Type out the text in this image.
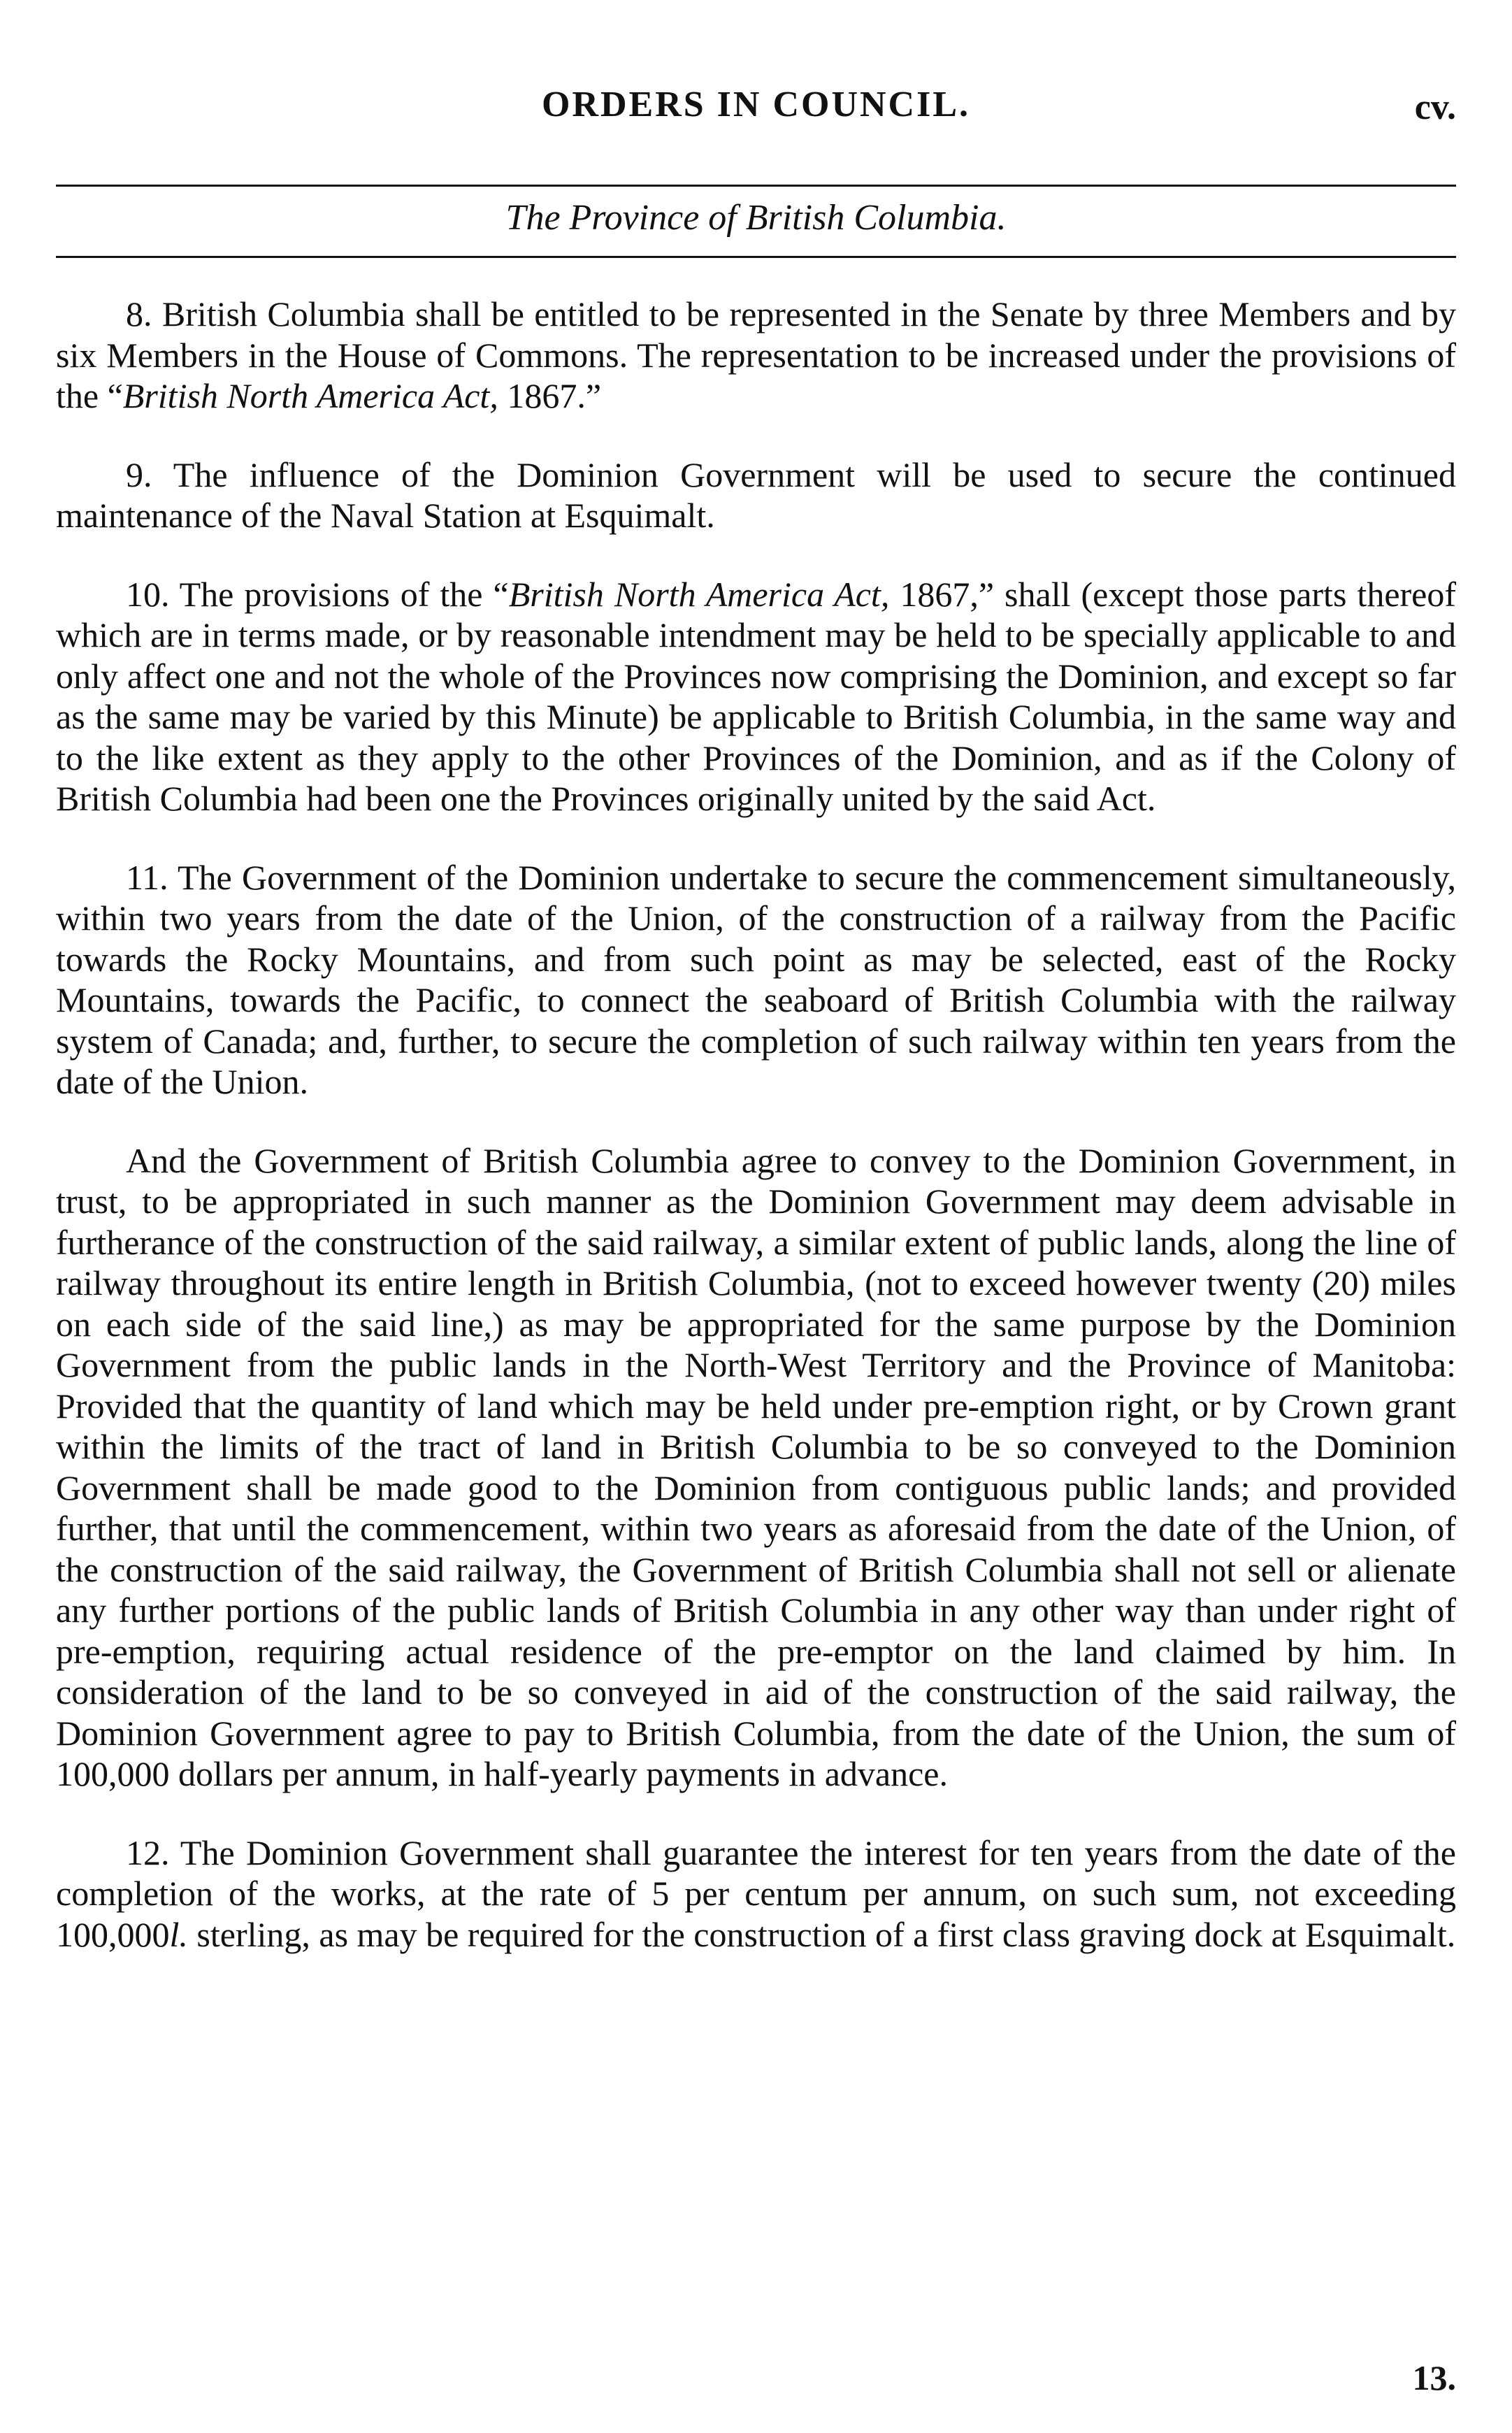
ORDERS IN COUNCIL.	cv.
The Province of British Columbia.

8. British Columbia shall be entitled to be represented in the Senate by three Members and by six Members in the House of Commons. The representation to be increased under the provisions of the “British North America Act, 1867.”

9. The influence of the Dominion Government will be used to secure the continued maintenance of the Naval Station at Esquimalt.

10. The provisions of the “British North America Act, 1867,” shall (except those parts thereof which are in terms made, or by reasonable intendment may be held to be specially applicable to and only affect one and not the whole of the Provinces now comprising the Dominion, and except so far as the same may be varied by this Minute) be applicable to British Columbia, in the same way and to the like extent as they apply to the other Provinces of the Dominion, and as if the Colony of British Columbia had been one the Provinces originally united by the said Act.

11. The Government of the Dominion undertake to secure the commencement simultaneously, within two years from the date of the Union, of the construction of a railway from the Pacific towards the Rocky Mountains, and from such point as may be selected, east of the Rocky Mountains, towards the Pacific, to connect the seaboard of British Columbia with the railway system of Canada; and, further, to secure the completion of such railway within ten years from the date of the Union.

And the Government of British Columbia agree to convey to the Dominion Government, in trust, to be appropriated in such manner as the Dominion Government may deem advisable in furtherance of the construction of the said railway, a similar extent of public lands, along the line of railway throughout its entire length in British Columbia, (not to exceed however twenty (20) miles on each side of the said line,) as may be appropriated for the same purpose by the Dominion Government from the public lands in the North-West Territory and the Province of Manitoba: Provided that the quantity of land which may be held under pre-emption right, or by Crown grant within the limits of the tract of land in British Columbia to be so conveyed to the Dominion Government shall be made good to the Dominion from contiguous public lands; and provided further, that until the commencement, within two years as aforesaid from the date of the Union, of the construction of the said railway, the Government of British Columbia shall not sell or alienate any further portions of the public lands of British Columbia in any other way than under right of pre-emption, requiring actual residence of the pre-emptor on the land claimed by him. In consideration of the land to be so conveyed in aid of the construction of the said railway, the Dominion Government agree to pay to British Columbia, from the date of the Union, the sum of 100,000 dollars per annum, in half-yearly payments in advance.

12. The Dominion Government shall guarantee the interest for ten years from the date of the completion of the works, at the rate of 5 per centum per annum, on such sum, not exceeding 100,000l. sterling, as may be required for the construction of a first class graving dock at Esquimalt.

13.
